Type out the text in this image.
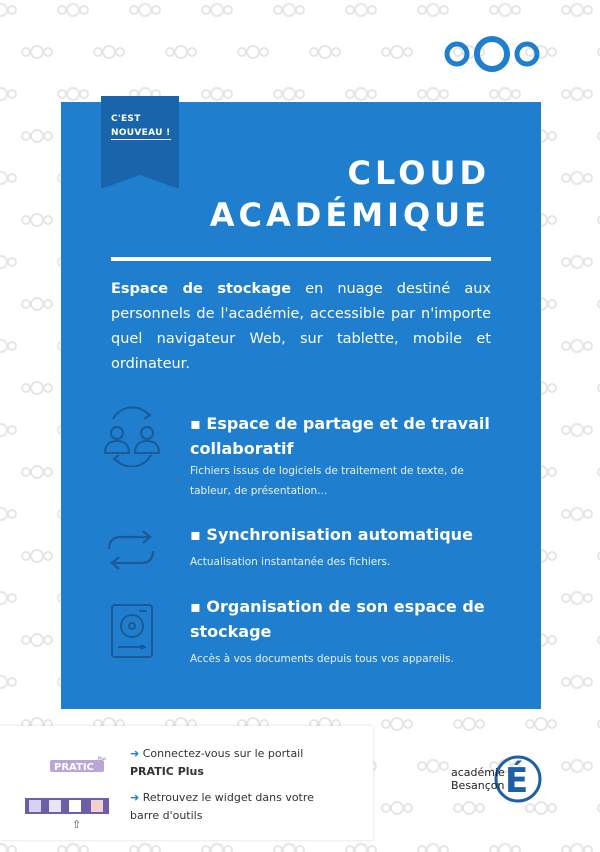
C'EST
NOUVEAU !
CLOUD
ACADÉMIQUE
Espace de stockage en nuage destiné aux personnels de l'académie, accessible par n'importe quel navigateur Web, sur tablette, mobile et ordinateur.
▪ Espace de partage et de travail collaboratif
Fichiers issus de logiciels de traitement de texte, de tableur, de présentation...
▪ Synchronisation automatique
Actualisation instantanée des fichiers.
▪ Organisation de son espace de stockage
Accès à vos documents depuis tous vos appareils.
PRATIC
Plus
⇧
➜ Connectez-vous sur le portail
PRATIC Plus
➜ Retrouvez le widget dans votre barre d'outils
É
académie
Besançon
